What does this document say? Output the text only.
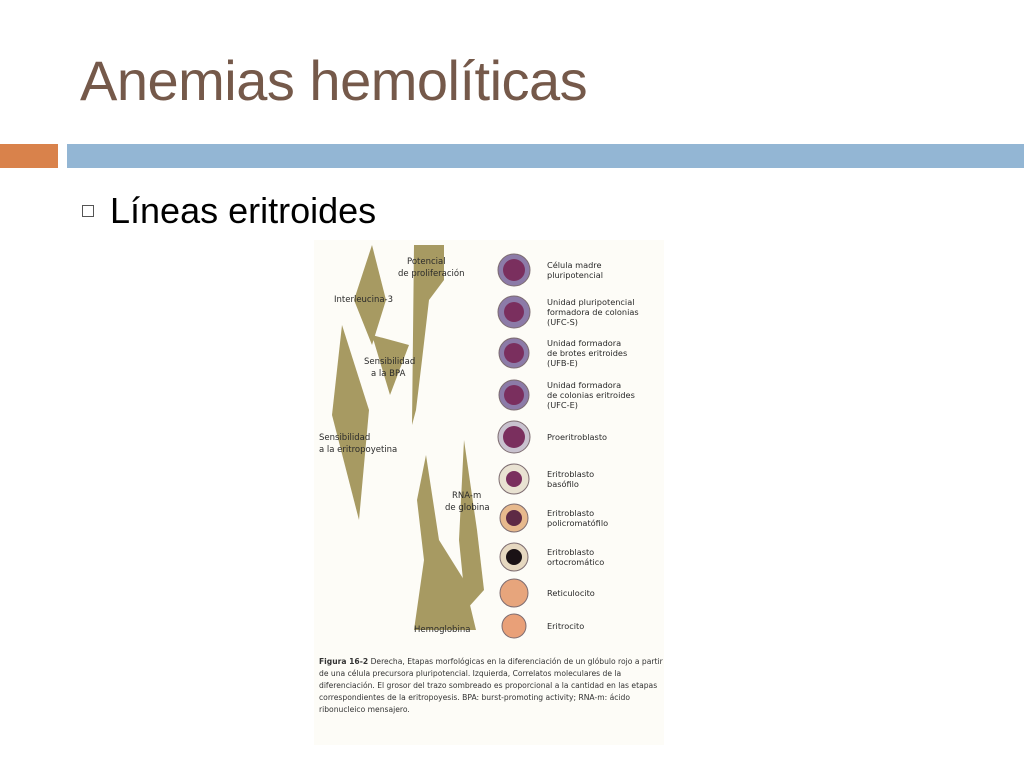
Anemias hemolíticas
Líneas eritroides
Potencial
de proliferación
Interleucina-3
Sensibilidad
a la BPA
Sensibilidad
a la eritropoyetina
RNA-m
de globina
Hemoglobina
Célula madre
pluripotencial
Unidad pluripotencial
formadora de colonias
(UFC-S)
Unidad formadora
de brotes eritroides
(UFB-E)
Unidad formadora
de colonias eritroides
(UFC-E)
Proeritroblasto
Eritroblasto
basófilo
Eritroblasto
policromatófilo
Eritroblasto
ortocromático
Reticulocito
Eritrocito
Figura 16-2 Derecha, Etapas morfológicas en la diferenciación de un glóbulo rojo a partir de una célula precursora pluripotencial. Izquierda, Correlatos moleculares de la diferenciación. El grosor del trazo sombreado es proporcional a la cantidad en las etapas correspondientes de la eritropoyesis. BPA: burst-promoting activity; RNA-m: ácido ribonucleico mensajero.
